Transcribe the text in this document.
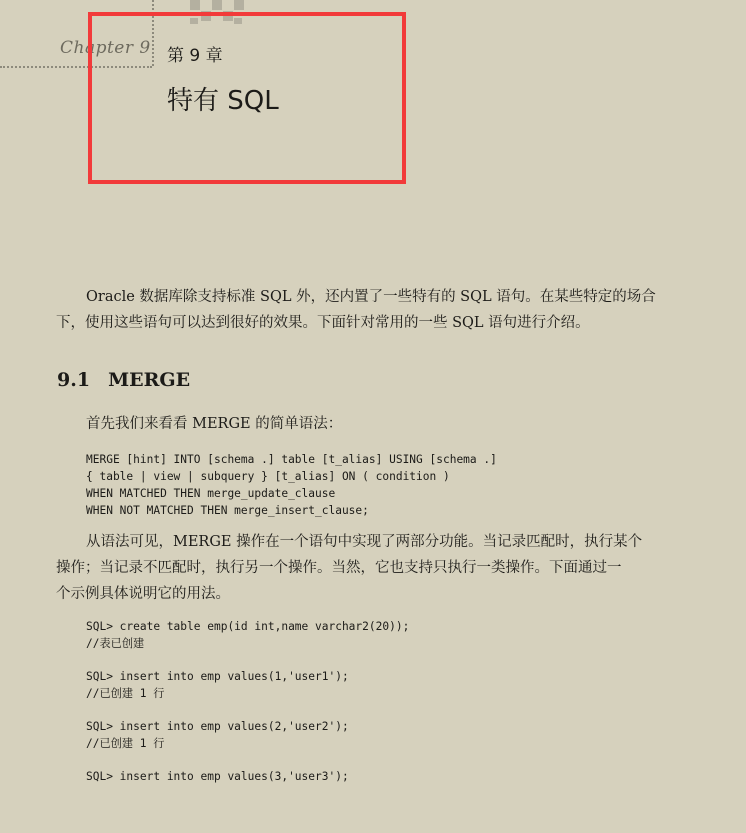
Chapter 9 第 9 章
特有 SQL

Oracle 数据库除支持标准 SQL 外，还内置了一些特有的 SQL 语句。在某些特定的场合
下，使用这些语句可以达到很好的效果。下面针对常用的一些 SQL 语句进行介绍。

9.1 MERGE

首先我们来看看 MERGE 的简单语法：

MERGE [hint] INTO [schema .] table [t_alias] USING [schema .]
{ table | view | subquery } [t_alias] ON ( condition )
WHEN MATCHED THEN merge_update_clause
WHEN NOT MATCHED THEN merge_insert_clause;

从语法可见，MERGE 操作在一个语句中实现了两部分功能。当记录匹配时，执行某个
操作；当记录不匹配时，执行另一个操作。当然，它也支持只执行一类操作。下面通过一
个示例具体说明它的用法。

SQL> create table emp(id int,name varchar2(20));
//表已创建
SQL> insert into emp values(1,'user1');
//已创建 1 行
SQL> insert into emp values(2,'user2');
//已创建 1 行
SQL> insert into emp values(3,'user3');
